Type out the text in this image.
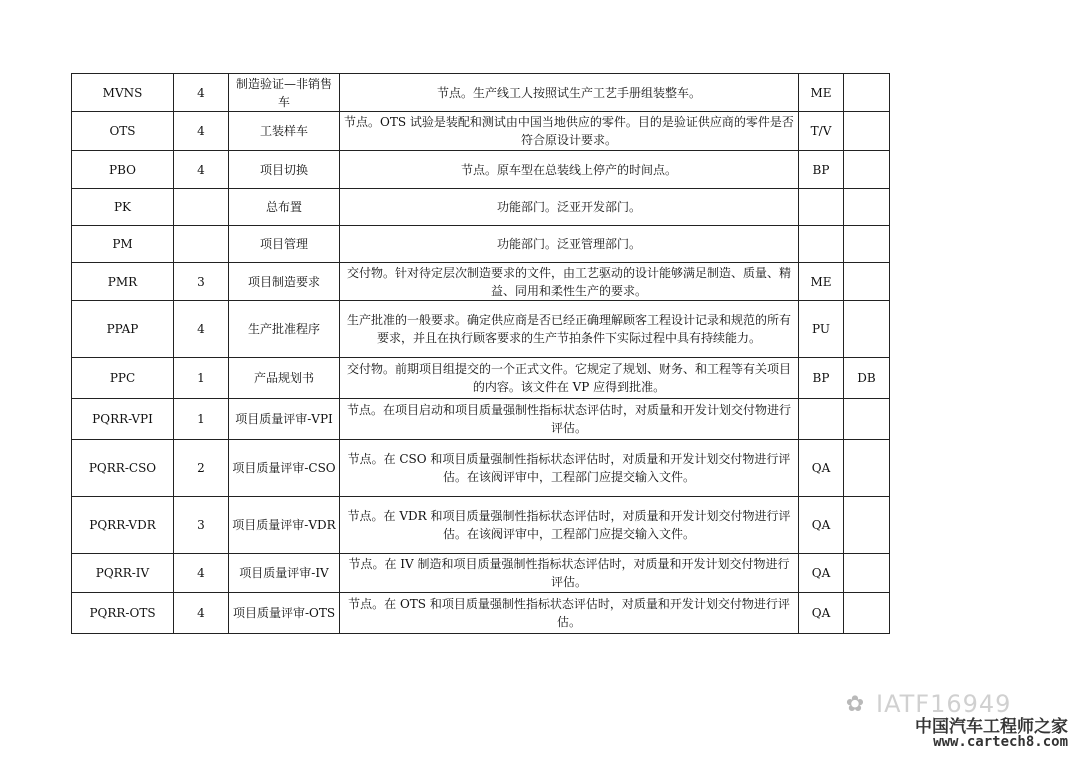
MVNS	4	制造验证—非销售车	节点。生产线工人按照试生产工艺手册组装整车。	ME	
OTS	4	工装样车	节点。OTS 试验是装配和测试由中国当地供应的零件。目的是验证供应商的零件是否符合原设计要求。	T/V	
PBO	4	项目切换	节点。原车型在总装线上停产的时间点。	BP	
PK		总布置	功能部门。泛亚开发部门。		
PM		项目管理	功能部门。泛亚管理部门。		
PMR	3	项目制造要求	交付物。针对待定层次制造要求的文件，由工艺驱动的设计能够满足制造、质量、精益、同用和柔性生产的要求。	ME	
PPAP	4	生产批准程序	生产批准的一般要求。确定供应商是否已经正确理解顾客工程设计记录和规范的所有要求，并且在执行顾客要求的生产节拍条件下实际过程中具有持续能力。	PU	
PPC	1	产品规划书	交付物。前期项目组提交的一个正式文件。它规定了规划、财务、和工程等有关项目的内容。该文件在 VP 应得到批准。	BP	DB
PQRR-VPI	1	项目质量评审-VPI	节点。在项目启动和项目质量强制性指标状态评估时，对质量和开发计划交付物进行评估。		
PQRR-CSO	2	项目质量评审-CSO	节点。在 CSO 和项目质量强制性指标状态评估时，对质量和开发计划交付物进行评估。在该阀评审中，工程部门应提交输入文件。	QA	
PQRR-VDR	3	项目质量评审-VDR	节点。在 VDR 和项目质量强制性指标状态评估时，对质量和开发计划交付物进行评估。在该阀评审中，工程部门应提交输入文件。	QA	
PQRR-IV	4	项目质量评审-IV	节点。在 IV 制造和项目质量强制性指标状态评估时，对质量和开发计划交付物进行评估。	QA	
PQRR-OTS	4	项目质量评审-OTS	节点。在 OTS 和项目质量强制性指标状态评估时，对质量和开发计划交付物进行评估。	QA	
✿ IATF16949
中国汽车工程师之家
www.cartech8.com
